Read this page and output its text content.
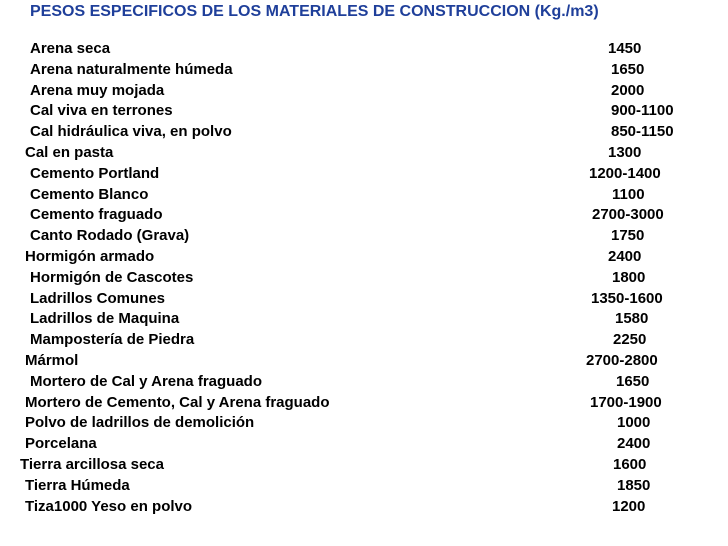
PESOS ESPECIFICOS DE LOS MATERIALES DE CONSTRUCCION (Kg./m3)
Arena seca	1450
Arena naturalmente húmeda	1650
Arena muy mojada	2000
Cal viva en terrones	900-1100
Cal hidráulica viva, en polvo	850-1150
Cal en pasta	1300
Cemento Portland	1200-1400
Cemento Blanco	1100
Cemento fraguado	2700-3000
Canto Rodado (Grava)	1750
Hormigón armado	2400
Hormigón de Cascotes	1800
Ladrillos Comunes	1350-1600
Ladrillos de Maquina	1580
Mampostería de Piedra	2250
Mármol	2700-2800
Mortero de Cal y Arena fraguado	1650
Mortero de Cemento, Cal y Arena fraguado	1700-1900
Polvo de ladrillos de demolición	1000
Porcelana	2400
Tierra arcillosa seca	1600
Tierra Húmeda	1850
Tiza1000 Yeso en polvo	1200
